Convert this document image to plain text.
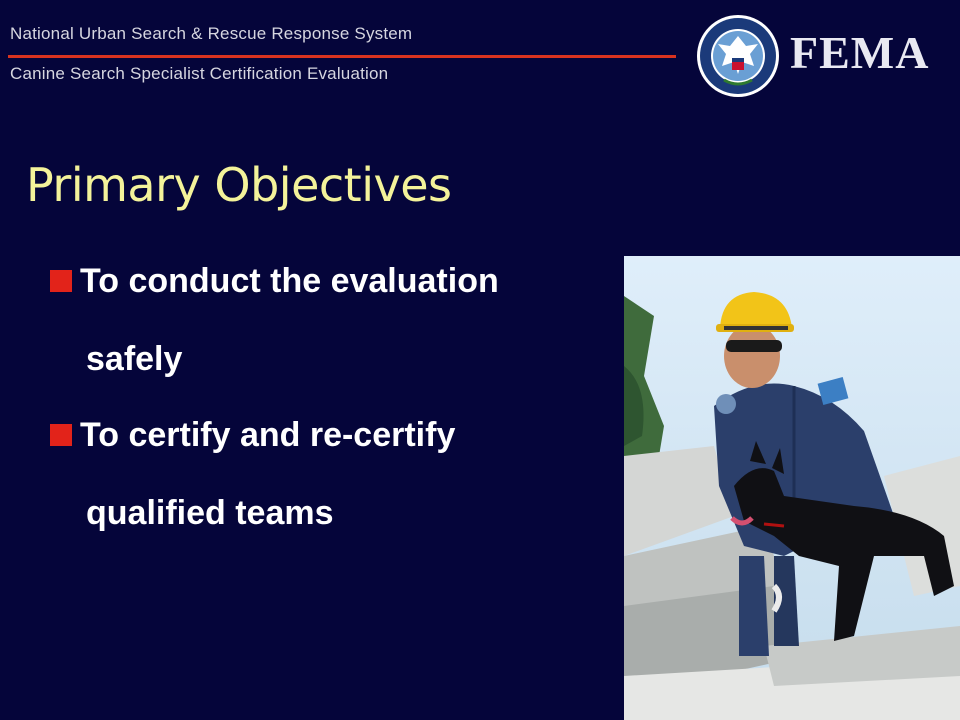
National Urban Search & Rescue Response System
Canine Search Specialist Certification Evaluation	FEMA
Primary Objectives
To conduct the evaluation
safely
To certify and re-certify
qualified teams
